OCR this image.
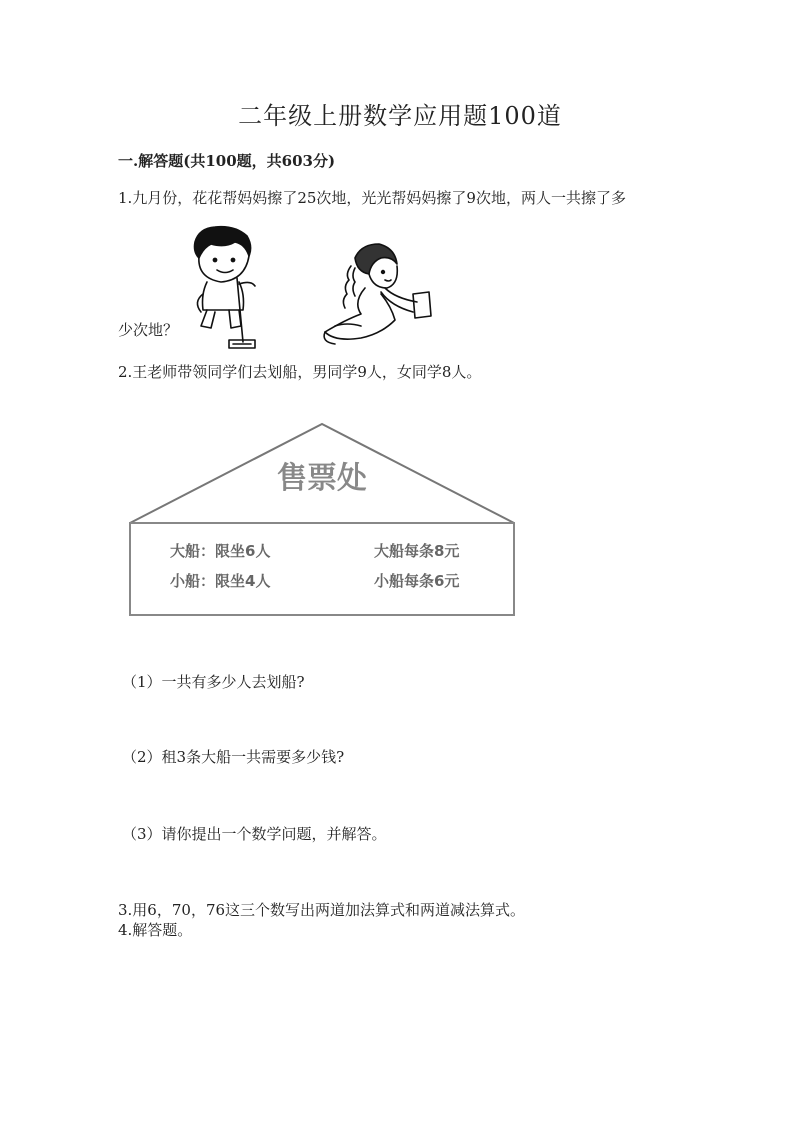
二年级上册数学应用题100道
一.解答题(共100题，共603分)
1.九月份，花花帮妈妈擦了25次地，光光帮妈妈擦了9次地，两人一共擦了多
少次地？
2.王老师带领同学们去划船，男同学9人，女同学8人。
售票处
大船：限坐6人
小船：限坐4人
大船每条8元
小船每条6元
（1）一共有多少人去划船?
（2）租3条大船一共需要多少钱?
（3）请你提出一个数学问题，并解答。
3.用6，70，76这三个数写出两道加法算式和两道减法算式。
4.解答题。
